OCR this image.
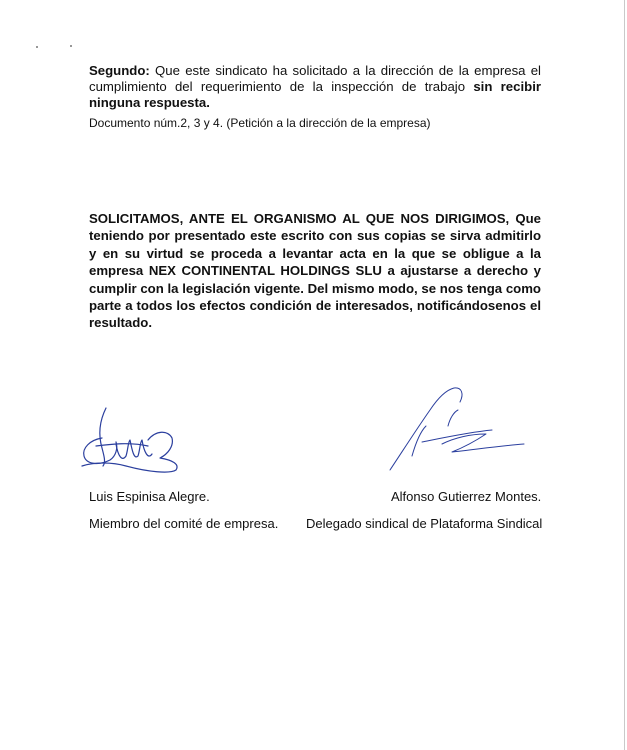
Segundo: Que este sindicato ha solicitado a la dirección de la empresa el cumplimiento del requerimiento de la inspección de trabajo sin recibir ninguna respuesta.

Documento núm.2, 3 y 4. (Petición a la dirección de la empresa)

SOLICITAMOS, ANTE EL ORGANISMO AL QUE NOS DIRIGIMOS, Que teniendo por presentado este escrito con sus copias se sirva admitirlo y en su virtud se proceda a levantar acta en la que se obligue a la empresa NEX CONTINENTAL HOLDINGS SLU a ajustarse a derecho y cumplir con la legislación vigente. Del mismo modo, se nos tenga como parte a todos los efectos condición de interesados, notificándosenos el resultado.

Luis Espinisa Alegre.	Alfonso Gutierrez Montes.
Miembro del comité de empresa. Delegado sindical de Plataforma Sindical
